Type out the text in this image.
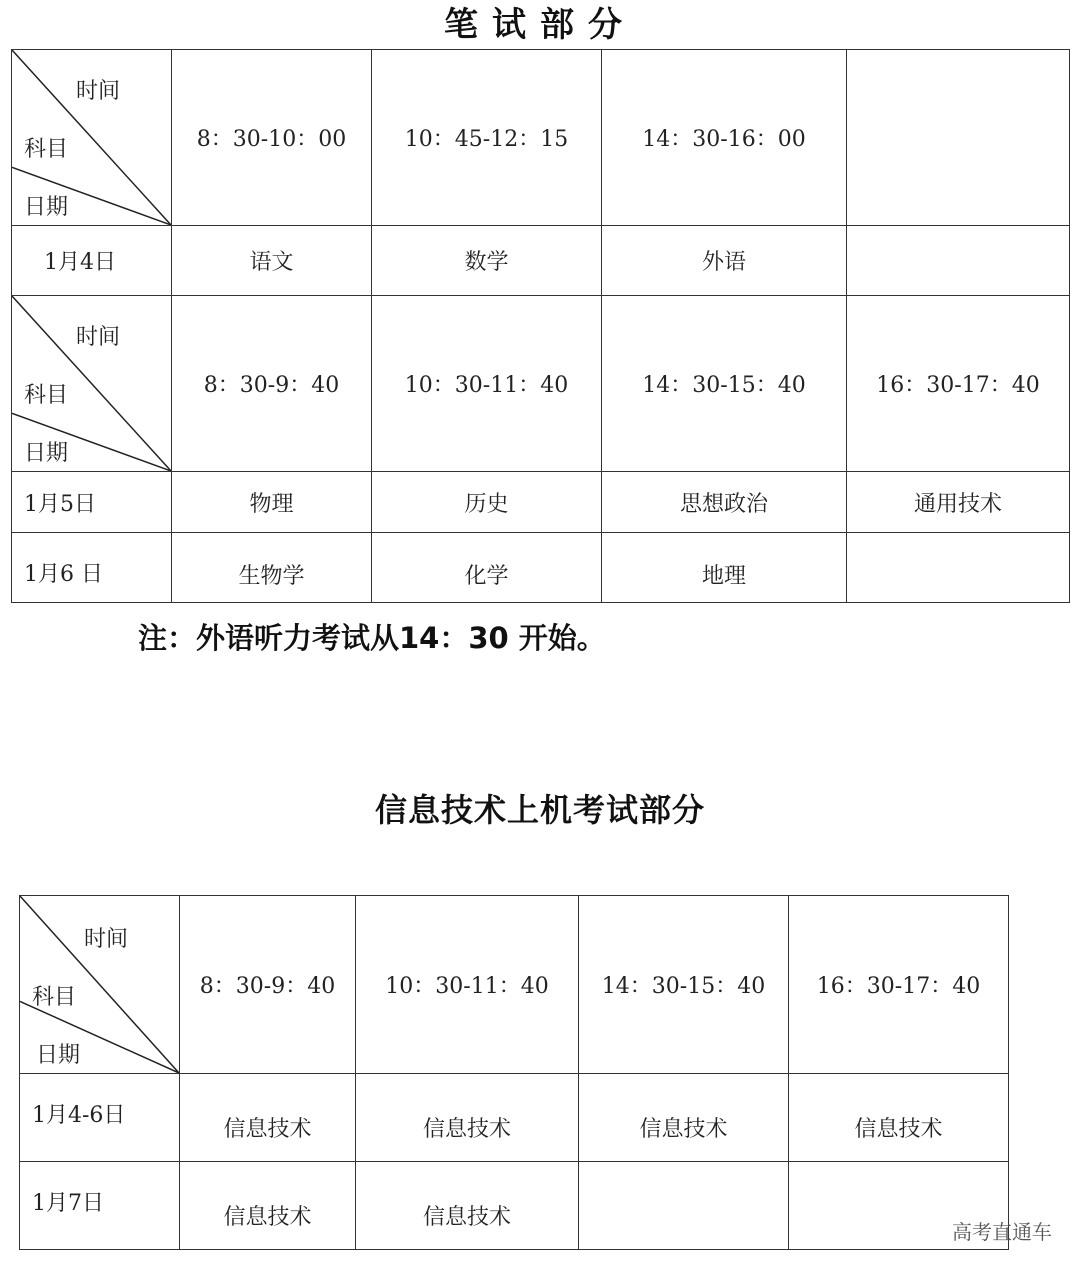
笔试部分
时间
科目
日期	8：30-10：00	10：45-12：15	14：30-16：00	
1月4日	语文	数学	外语	

时间
科目
日期	8：30-9：40	10：30-11：40	14：30-15：40	16：30-17：40
1月5日	物理	历史	思想政治	通用技术
1月6 日	生物学	化学	地理	
注：外语听力考试从14：30 开始。
信息技术上机考试部分
时间
科目
日期	8：30-9：40	10：30-11：40	14：30-15：40	16：30-17：40
1月4-6日	信息技术	信息技术	信息技术	信息技术
1月7日	信息技术	信息技术		
高考直通车
